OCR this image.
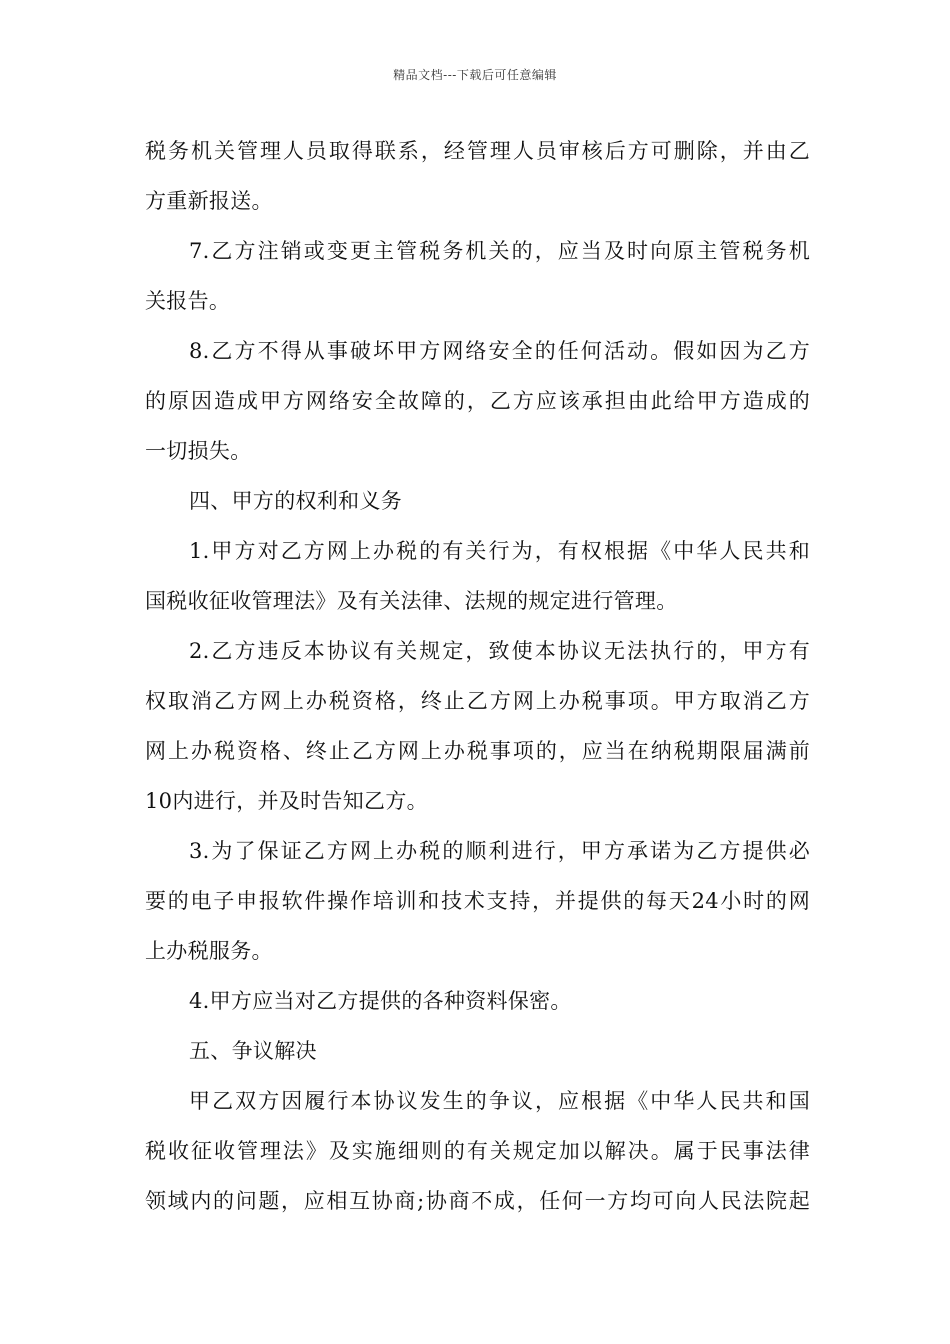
精品文档---下载后可任意编辑
税务机关管理人员取得联系，经管理人员审核后方可删除，并由乙
方重新报送。
7.乙方注销或变更主管税务机关的，应当及时向原主管税务机
关报告。
8.乙方不得从事破坏甲方网络安全的任何活动。假如因为乙方
的原因造成甲方网络安全故障的，乙方应该承担由此给甲方造成的
一切损失。
四、甲方的权利和义务
1.甲方对乙方网上办税的有关行为，有权根据《中华人民共和
国税收征收管理法》及有关法律、法规的规定进行管理。
2.乙方违反本协议有关规定，致使本协议无法执行的，甲方有
权取消乙方网上办税资格，终止乙方网上办税事项。甲方取消乙方
网上办税资格、终止乙方网上办税事项的，应当在纳税期限届满前
10内进行，并及时告知乙方。
3.为了保证乙方网上办税的顺利进行，甲方承诺为乙方提供必
要的电子申报软件操作培训和技术支持，并提供的每天24小时的网
上办税服务。
4.甲方应当对乙方提供的各种资料保密。
五、争议解决
甲乙双方因履行本协议发生的争议，应根据《中华人民共和国
税收征收管理法》及实施细则的有关规定加以解决。属于民事法律
领域内的问题，应相互协商;协商不成，任何一方均可向人民法院起
